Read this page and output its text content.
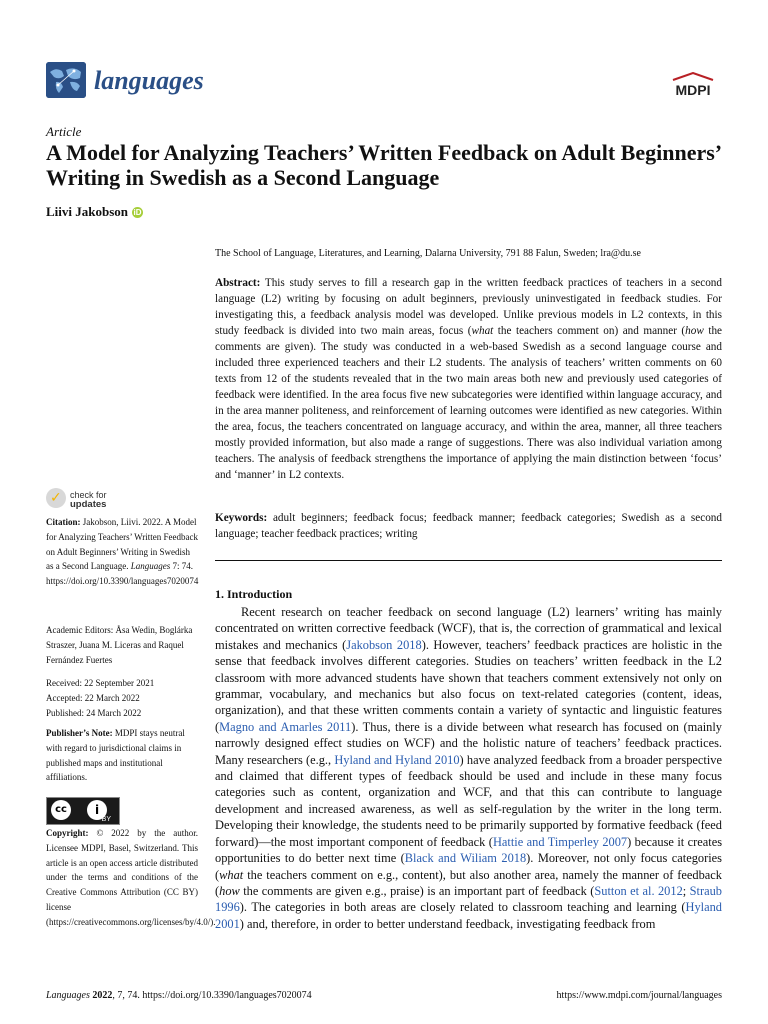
languages	MDPI
Article
A Model for Analyzing Teachers’ Written Feedback on Adult Beginners’ Writing in Swedish as a Second Language
Liivi Jakobson iD
The School of Language, Literatures, and Learning, Dalarna University, 791 88 Falun, Sweden; lra@du.se
Abstract: This study serves to fill a research gap in the written feedback practices of teachers in a second language (L2) writing by focusing on adult beginners, previously uninvestigated in feedback studies. For investigating this, a feedback analysis model was developed. Unlike previous models in L2 contexts, in this study feedback is divided into two main areas, focus (what the teachers comment on) and manner (how the comments are given). The study was conducted in a web-based Swedish as a second language course and included three experienced teachers and their L2 students. The analysis of teachers’ written comments on 60 texts from 12 of the students revealed that in the two main areas both new and previously used categories of feedback were identified. In the area focus five new subcategories were identified within language accuracy, and in the area manner politeness, and reinforcement of learning outcomes were identified as new categories. Within the area, focus, the teachers concentrated on language accuracy, and within the area, manner, all three teachers mostly provided information, but also made a range of suggestions. There was also individual variation among teachers. The analysis of feedback strengthens the importance of applying the main distinction between ‘focus’ and ‘manner’ in L2 contexts.
Keywords: adult beginners; feedback focus; feedback manner; feedback categories; Swedish as a second language; teacher feedback practices; writing
1. Introduction

Recent research on teacher feedback on second language (L2) learners’ writing has mainly concentrated on written corrective feedback (WCF), that is, the correction of grammatical and lexical mistakes and mechanics (Jakobson 2018). However, teachers’ feedback practices are holistic in the sense that feedback involves different categories. Studies on teachers’ written feedback in the L2 classroom with more advanced students have shown that teachers comment extensively not only on grammar, vocabulary, and mechanics but also focus on text-related categories (content, ideas, organization), and that these written comments contain a variety of syntactic and linguistic features (Magno and Amarles 2011). Thus, there is a divide between what research has focused on (mainly narrowly designed effect studies on WCF) and the holistic nature of teachers’ feedback practices. Many researchers (e.g., Hyland and Hyland 2010) have analyzed feedback from a broader perspective and claimed that different types of feedback should be used and include in these many focus categories such as content, organization and WCF, and that this can contribute to language development and increased awareness, as well as self-regulation by the writer in the long term. Developing their knowledge, the students need to be primarily supported by formative feedback (feed forward)—the most important component of feedback (Hattie and Timperley 2007) because it creates opportunities to do better next time (Black and Wiliam 2018). Moreover, not only focus categories (what the teachers comment on e.g., content), but also another area, namely the manner of feedback (how the comments are given e.g., praise) is an important part of feedback (Sutton et al. 2012; Straub 1996). The categories in both areas are closely related to classroom teaching and learning (Hyland 2001) and, therefore, in order to better understand feedback, investigating feedback from

✓ check for
updates
Citation: Jakobson, Liivi. 2022. A Model for Analyzing Teachers’ Written Feedback on Adult Beginners’ Writing in Swedish as a Second Language. Languages 7: 74. https://doi.org/10.3390/languages7020074
Academic Editors: Åsa Wedin, Boglárka Straszer, Juana M. Liceras and Raquel Fernández Fuertes
Received: 22 September 2021
Accepted: 22 March 2022
Published: 24 March 2022
Publisher’s Note: MDPI stays neutral with regard to jurisdictional claims in published maps and institutional affiliations.
cc	i
BY
Copyright: © 2022 by the author. Licensee MDPI, Basel, Switzerland. This article is an open access article distributed under the terms and conditions of the Creative Commons Attribution (CC BY) license (https://creativecommons.org/licenses/by/4.0/).
Languages 2022, 7, 74. https://doi.org/10.3390/languages7020074	https://www.mdpi.com/journal/languages
